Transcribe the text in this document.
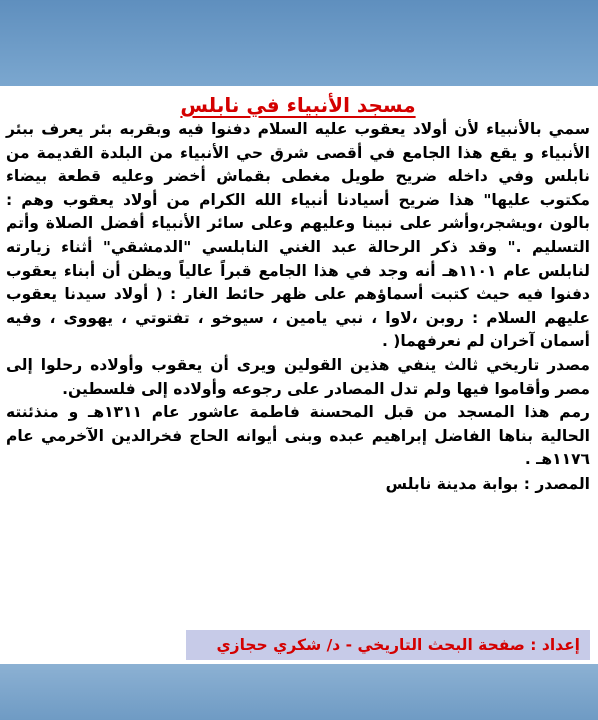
مسجد الأنبياء في نابلس

سمي بالأنبياء لأن أولاد يعقوب عليه السلام دفنوا فيه وبقربه بئر يعرف ببئر الأنبياء و يقع هذا الجامع في أقصى شرق حي الأنبياء من البلدة القديمة من نابلس وفي داخله ضريح طويل مغطى بقماش أخضر وعليه قطعة بيضاء مكتوب عليها" هذا ضريح أسيادنا أنبياء الله الكرام من أولاد يعقوب وهم : بالون ،ويشجر،وأشر على نبينا وعليهم وعلى سائر الأنبياء أفضل الصلاة وأتم التسليم ." وقد ذكر الرحالة عبد الغني النابلسي "الدمشقي" أثناء زيارته لنابلس عام ١١٠١هـ أنه وجد في هذا الجامع قبراً عالياً ويظن أن أبناء يعقوب دفنوا فيه حيث كتبت أسماؤهم على ظهر حائط الغار : ( أولاد سيدنا يعقوب عليهم السلام : روبن ،لاوا ، نبي يامين ، سيوخو ، تفتوتي ، يهووى ، وفيه أسمان آخران لم نعرفهما( .

مصدر تاريخي ثالث ينفي هذين القولين ويرى أن يعقوب وأولاده رحلوا إلى مصر وأقاموا فيها ولم تدل المصادر على رجوعه وأولاده إلى فلسطين.

رمم هذا المسجد من قبل المحسنة فاطمة عاشور عام ١٣١١هـ و منذئنته الحالية بناها الفاضل إبراهيم عبده وبنى أيوانه الحاج فخرالدين الآخرمي عام ١١٧٦هـ .

المصدر : بوابة مدينة نابلس

إعداد : صفحة البحث التاريخي - د/ شكري حجازي
